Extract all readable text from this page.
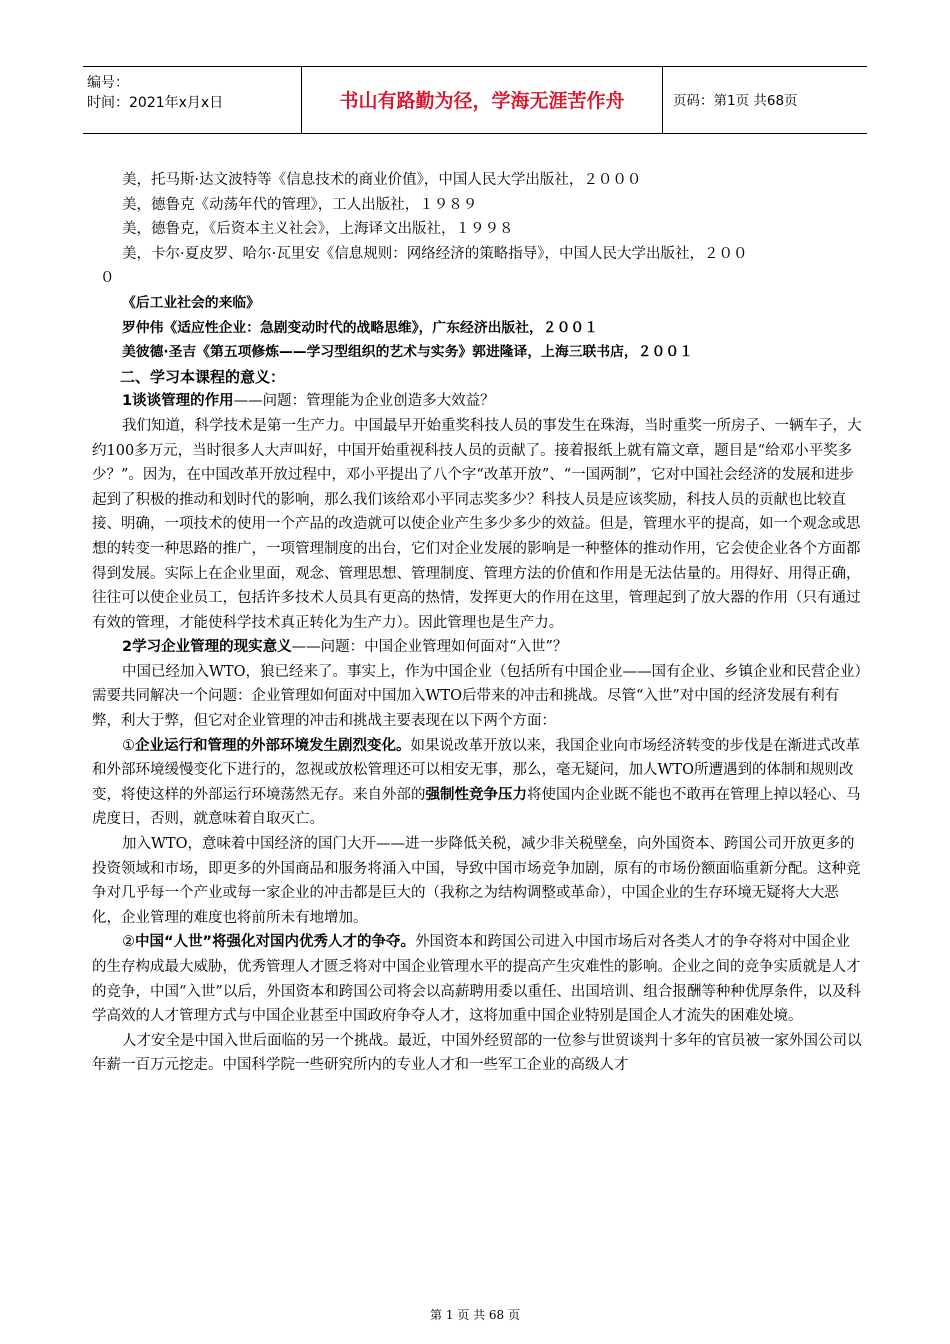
编号：
时间：2021年x月x日	书山有路勤为径，学海无涯苦作舟	页码：第1页 共68页

美，托马斯·达文波特等《信息技术的商业价值》，中国人民大学出版社，２０００

美，德鲁克《动荡年代的管理》，工人出版社，１９８９

美，德鲁克，《后资本主义社会》，上海译文出版社，１９９８

美，卡尔·夏皮罗、哈尔·瓦里安《信息规则：网络经济的策略指导》，中国人民大学出版社，２００

０

《后工业社会的来临》

罗仲伟《适应性企业：急剧变动时代的战略思维》，广东经济出版社，２００１

美彼德·圣吉《第五项修炼——学习型组织的艺术与实务》郭进隆译，上海三联书店，２００１

二、学习本课程的意义：

1谈谈管理的作用——问题：管理能为企业创造多大效益？

我们知道，科学技术是第一生产力。中国最早开始重奖科技人员的事发生在珠海，当时重奖一所房子、一辆车子，大约100多万元，当时很多人大声叫好，中国开始重视科技人员的贡献了。接着报纸上就有篇文章，题目是“给邓小平奖多少？”。因为，在中国改革开放过程中，邓小平提出了八个字“改革开放”、“一国两制”，它对中国社会经济的发展和进步起到了积极的推动和划时代的影响，那么我们该给邓小平同志奖多少？科技人员是应该奖励，科技人员的贡献也比较直接、明确，一项技术的使用一个产品的改造就可以使企业产生多少多少的效益。但是，管理水平的提高，如一个观念或思想的转变一种思路的推广，一项管理制度的出台，它们对企业发展的影响是一种整体的推动作用，它会使企业各个方面都得到发展。实际上在企业里面，观念、管理思想、管理制度、管理方法的价值和作用是无法估量的。用得好、用得正确，往往可以使企业员工，包括许多技术人员具有更高的热情，发挥更大的作用在这里，管理起到了放大器的作用（只有通过有效的管理，才能使科学技术真正转化为生产力）。因此管理也是生产力。

2学习企业管理的现实意义——问题：中国企业管理如何面对“入世”？

中国已经加入WTO，狼已经来了。事实上，作为中国企业（包括所有中国企业——国有企业、乡镇企业和民营企业）需要共同解决一个问题：企业管理如何面对中国加入WTO后带来的冲击和挑战。尽管“入世”对中国的经济发展有利有弊，利大于弊，但它对企业管理的冲击和挑战主要表现在以下两个方面：

①企业运行和管理的外部环境发生剧烈变化。如果说改革开放以来，我国企业向市场经济转变的步伐是在渐进式改革和外部环境缓慢变化下进行的，忽视或放松管理还可以相安无事，那么，毫无疑问，加人WTO所遭遇到的体制和规则改变，将使这样的外部运行环境荡然无存。来自外部的强制性竞争压力将使国内企业既不能也不敢再在管理上掉以轻心、马虎度日，否则，就意味着自取灭亡。

加入WTO，意味着中国经济的国门大开——进一步降低关税，减少非关税壁垒，向外国资本、跨国公司开放更多的投资领域和市场，即更多的外国商品和服务将涌入中国，导致中国市场竞争加剧，原有的市场份额面临重新分配。这种竞争对几乎每一个产业或每一家企业的冲击都是巨大的（我称之为结构调整或革命），中国企业的生存环境无疑将大大恶化，企业管理的难度也将前所未有地增加。

②中国“人世”将强化对国内优秀人才的争夺。外国资本和跨国公司进入中国市场后对各类人才的争夺将对中国企业的生存构成最大威胁，优秀管理人才匮乏将对中国企业管理水平的提高产生灾难性的影响。企业之间的竞争实质就是人才的竞争，中国“入世”以后，外国资本和跨国公司将会以高薪聘用委以重任、出国培训、组合报酬等种种优厚条件，以及科学高效的人才管理方式与中国企业甚至中国政府争夺人才，这将加重中国企业特别是国企人才流失的困难处境。

人才安全是中国入世后面临的另一个挑战。最近，中国外经贸部的一位参与世贸谈判十多年的官员被一家外国公司以年薪一百万元挖走。中国科学院一些研究所内的专业人才和一些军工企业的高级人才

第 1 页 共 68 页
